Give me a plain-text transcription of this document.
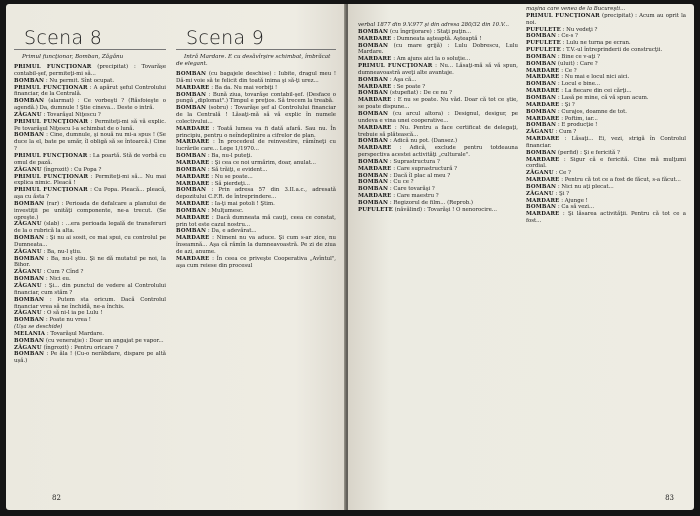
Scena 8
Primul funcţionar, Bomban, Zăgănu

PRIMUL FUNCŢIONAR (precipitat) : Tovarăşe contabil-şef, permiteţi-mi să...

BOMBAN : Nu permit. Sînt ocupat.

PRIMUL FUNCŢIONAR : A apărut şeful Controlului financiar, de la Centrală.

BOMBAN (alarmat) : Ce vorbeşti ? (Răsfoieşte o agendă.) Da, dumnule ! Ştie cineva... Deste o intră.

ZĂGANU : Tovarăşul Niţescu ?

PRIMUL FUNCŢIONAR : Permiteţi-mi să vă explic. Pe tovarăşul Niţescu l-a schimbat de o lună.

BOMBAN : Cine, dumnule, şi nouă nu mi-a spus ! (Se duce la el, bate pe umăr, îl obligă să se întoarcă.) Cine ?

PRIMUL FUNCŢIONAR : La poartă. Stă de vorbă cu omul de pază.

ZĂGANU (îngrozit) : Cu Popa ?

PRIMUL FUNCŢIONAR : Permiteţi-mi să... Nu mai explica nimic. Pleacă !

PRIMUL FUNCŢIONAR : Cu Popa. Pleacă... pleacă, aşa cu ăsta ?

BOMBAN (rar) : Perioada de defalcare a planului de investiţii pe unităţi componente, ne-a trecut. (Se opreşte.)

ZĂGANU (slab) : ...era perioada legală de transferuri de la o rubrică la alta.

BOMBAN : Şi nu ai sosit, ce mai spui, cu controlul pe Dumneata...

ZĂGANU : Ba, nu-l ştiu.

BOMBAN : Ba, nu-l ştiu. Şi ne dă mutatul pe noi, la Bihor.

ZĂGANU : Cum ? Cînd ?

BOMBAN : Nici eu.

ZĂGANU : Şi... din punctul de vedere al Controlului financiar, cum stăm ?

BOMBAN : Putem sta oricum. Dacă Controlul financiar vrea să ne închidă, ne-a închis.

ZĂGANU : O să ni-l ia pe Lulu !

BOMBAN : Poate nu vrea !

(Ușa se deschide)

MELANIA : Tovarăşul Mardare.

BOMBAN (cu venerație) : Doar un angajat pe vapor...

ZĂGANU (îngrozit) : Pentru oricare ?

BOMBAN : Pe ăla ! (Cu-o nerăbdare, dispare pe altă ușă.)

Scena 9
Intră Mardare. E cu desăvîrşire schimbat, îmbrăcat de elegant.

BOMBAN (cu bagajele deschise) : Iubite, dragul meu ! Dă-mi voie să te felicit din toată inima şi să-ţi urez...

MARDARE : Ba da. Nu mai vorbiţi !

BOMBAN : Bună ziua, tovarăşe contabil-şef. (Desface o pungă „diplomat".) Timpul e preţios. Să trecem la treabă.

BOMBAN (sobru) : Tovarăşe şef al Controlului financiar de la Centrală ! Lăsaţi-mă să vă explic în numele colectivului...

MARDARE : Toată lumea va fi dată afară. Sau nu. În principiu, pentru o neîndeplinire a cifrelor de plan.

MARDARE : În procedeul de reinvestire, rămîneţi cu lucrările care... Lege 1/1970...

BOMBAN : Ba, nu-l puteţi.

MARDARE : Şi cea ce noi urmărim, doar, anulat...

BOMBAN : Să trăiţi, e evident...

MARDARE : Nu se poate...

MARDARE : Să pierdeţi...

BOMBAN : Prin adresa 57 din 3.II.a.c., adresată depozitului C.F.R. de întreprindere...

MARDARE : Ia-ţi mai potoli ! Ştim.

BOMBAN : Mulţumesc.

MARDARE : Dacă dumneata mă cauţi, ceea ce constat, prin tot este cazul nostru...

BOMBAN : Da, e adevărat...

MARDARE : Nimeni nu va aduce. Şi cum s-ar zice, nu înseamnă... Aşa că rămîn la dumneavoastră. Pe zi de ziua de azi, anume.

MARDARE : În ceea ce priveşte Cooperativa „Avîntul", aşa cum reiese din procesul

82

verbal 1877 din 9.V.977 şi din adresa 280/32 din 10.V...

BOMBAN (cu îngrijorare) : Staţi puţin...

MARDARE : Dumneata aşteaptă. Aşteaptă !

BOMBAN (cu mare grijă) : Lulu Dobrescu, Lulu Mardare.

MARDARE : Am ajuns aici la o soluţie...

PRIMUL FUNCŢIONAR : Nu... Lăsaţi-mă să vă spun, dumneavoastră aveţi alte avantaje.

BOMBAN : Aşa că...

MARDARE : Se poate ?

BOMBAN (stupefiat) : De ce nu ?

MARDARE : E nu se poate. Nu văd. Doar că tot ce ştie, se poate dispune...

BOMBAN (cu arcul altora) : Designul, desigur, pe undeva e vina unei cooperative...

MARDARE : Nu. Pentru a face certificat de delegaţi, trebuie să plătească...

BOMBAN : Adică nu pot. (Dansez.)

MARDARE : Adică, exclude pentru totdeauna perspectiva acestei activităţi „culturale".

BOMBAN : Suprastructura ?

MARDARE : Care suprastructură ?

BOMBAN : Dacă îl plac al meu ?

BOMBAN : Cu ce ?

BOMBAN : Care tovarăşi ?

MARDARE : Care maestru ?

BOMBAN : Regizorul de film... (Reprob.)

PUFULETE (năvălind) : Tovarăşi ! O nenorocire...

maşina care venea de la Bucureşti...

PRIMUL FUNCŢIONAR (precipitat) : Acum au oprit la noi.

PUFULETE : Nu vedeţi ?

BOMBAN : Ce-s ?

PUFULETE : Lulu ne turna pe ecran.

PUFULETE : T.V.-ul întreprinderii de construcţii.

BOMBAN : Bine ce v-aţi ?

BOMBAN (uluit) : Care ?

MARDARE : Ce ?

MARDARE : Nu mai e locul nici aici.

BOMBAN : Locul e bine...

MARDARE : La fiecare din cei cărţi...

BOMBAN : Lasă pe mine, că vă spun acum.

MARDARE : Şi ?

BOMBAN : Curajos, doamne de tot.

MARDARE : Poftim, iar...

BOMBAN : E producţie !

ZĂGANU : Cum ?

MARDARE : Lăsaţi... Ei, vezi, strigă în Controlul financiar.

BOMBAN (perfid) : Şi e fericită ?

MARDARE : Sigur că e fericită. Cine mă mulţumi cordial.

ZĂGANU : Ce ?

MARDARE : Pentru că tot ce a fost de făcut, s-a făcut...

BOMBAN : Nici nu aţi plecat...

ZĂGANU : Şi ?

MARDARE : Ajunge !

BOMBAN : Ca să vezi...

MARDARE : Şi lăsarea activităţii. Pentru că tot ce a fost...

83
